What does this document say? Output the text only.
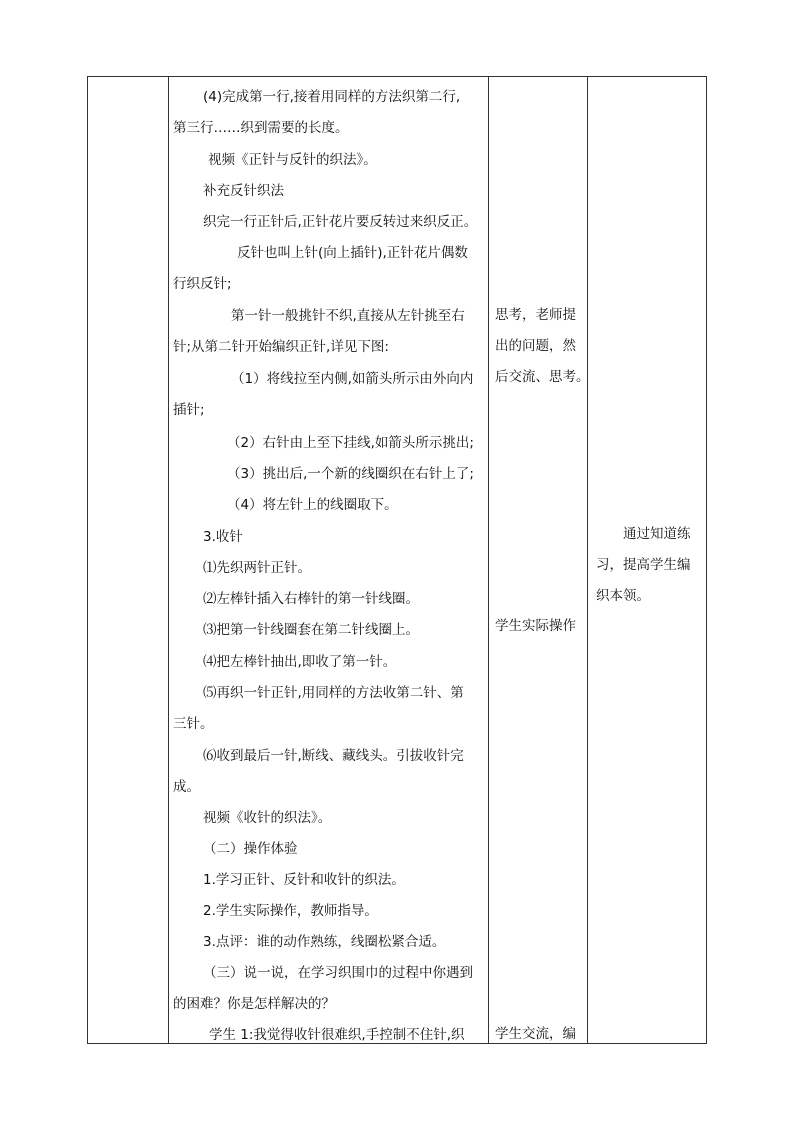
(4)完成第一行,接着用同样的方法织第二行,
第三行……织到需要的长度。
视频《正针与反针的织法》。
补充反针织法
织完一行正针后,正针花片要反转过来织反正。
反针也叫上针(向上插针),正针花片偶数
行织反针;
第一针一般挑针不织,直接从左针挑至右
针;从第二针开始编织正针,详见下图:
（1）将线拉至内侧,如箭头所示由外向内
插针;
（2）右针由上至下挂线,如箭头所示挑出;
（3）挑出后,一个新的线圈织在右针上了;
（4）将左针上的线圈取下。
3.收针
⑴先织两针正针。
⑵左棒针插入右棒针的第一针线圈。
⑶把第一针线圈套在第二针线圈上。
⑷把左棒针抽出,即收了第一针。
⑸再织一针正针,用同样的方法收第二针、第
三针。
⑹收到最后一针,断线、藏线头。引拔收针完
成。
视频《收针的织法》。
（二）操作体验
1.学习正针、反针和收针的织法。
2.学生实际操作，教师指导。
3.点评：谁的动作熟练，线圈松紧合适。
（三）说一说，在学习织围巾的过程中你遇到
的困难？你是怎样解决的？
学生 1:我觉得收针很难织,手控制不住针,织
思考，老师提
出的问题，然
后交流、思考。
学生实际操作
学生交流，编
通过知道练
习，提高学生编
织本领。
